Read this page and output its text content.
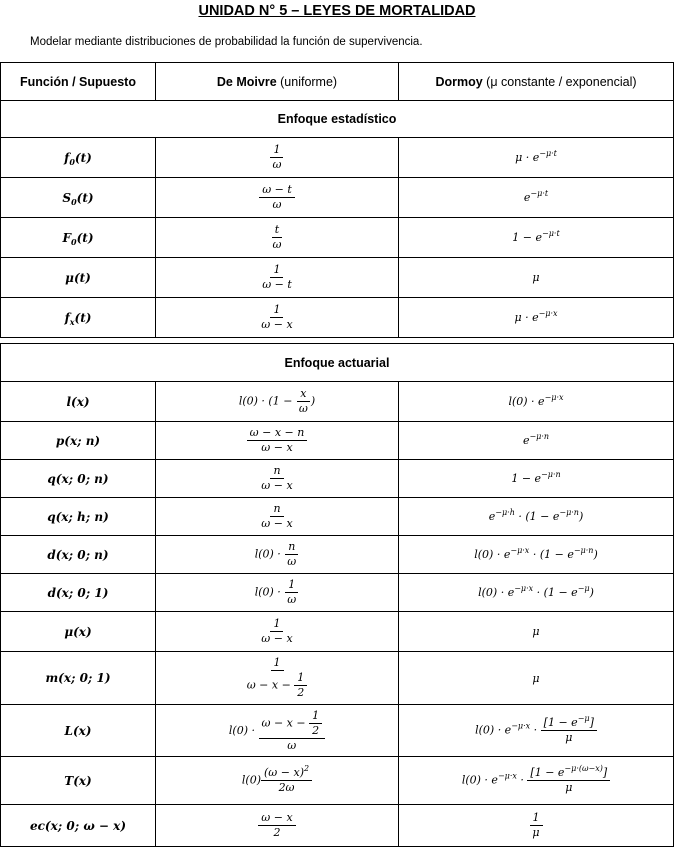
UNIDAD N° 5 – LEYES DE MORTALIDAD
Modelar mediante distribuciones de probabilidad la función de supervivencia.
Función / Supuesto	De Moivre (uniforme)	Dormoy (μ constante / exponencial)
Enfoque estadístico		
$f_0(t)$	$\frac{1}{\omega}$	$\mu \cdot e^{-\mu\cdot t}$
$S_0(t)$	$\frac{\omega - t}{\omega}$	$e^{-\mu\cdot t}$
$F_0(t)$	$\frac{t}{\omega}$	$1 - e^{-\mu\cdot t}$
μ(t)	$\frac{1}{\omega - t}$	μ
$f_x(t)$	$\frac{1}{\omega - x}$	$\mu \cdot e^{-\mu\cdot x}$
Enfoque actuarial		
l(x)	$l(0) \cdot (1 - \frac{x}{\omega}$ )	$l(0) \cdot e^{-\mu\cdot x}$
p(x; n)	$\frac{\omega - x - n}{\omega - x}$	$e^{-\mu\cdot n}$
q(x; 0; n)	$\frac{n}{\omega - x}$	$1 - e^{-\mu\cdot n}$
q(x; h; n)	$\frac{n}{\omega - x}$	$e^{-\mu\cdot h} \cdot (1 - e^{-\mu\cdot n})$
d(x; 0; n)	$l(0) \cdot \frac{n}{\omega}$	$l(0) \cdot e^{-\mu\cdot x} \cdot (1 - e^{-\mu\cdot n})$
d(x; 0; 1)	$l(0) \cdot \frac{1}{\omega}$	$l(0) \cdot e^{-\mu\cdot x} \cdot (1 - e^{-\mu})$
μ(x)	$\frac{1}{\omega - x}$	μ
m(x; 0; 1)	$\frac{1}{\omega - x - \frac{1}{2}}$	μ
L(x)	$l(0) \cdot \frac{\omega - x - \frac{1}{2}}{\omega}$	$l(0) \cdot e^{-\mu\cdot x} \cdot \frac{[1 - e^{-\mu}]}{\mu}$

T(x)	$l(0) \frac{(\omega - x)^2}{2\omega}$	$l(0) \cdot e^{-\mu\cdot x} \cdot \frac{[1 - e^{-\mu\cdot(\omega-x)}]}{\mu}$

ec(x; 0; ω − x)	$\frac{\omega - x}{2}$	$\frac{1}{\mu}$
